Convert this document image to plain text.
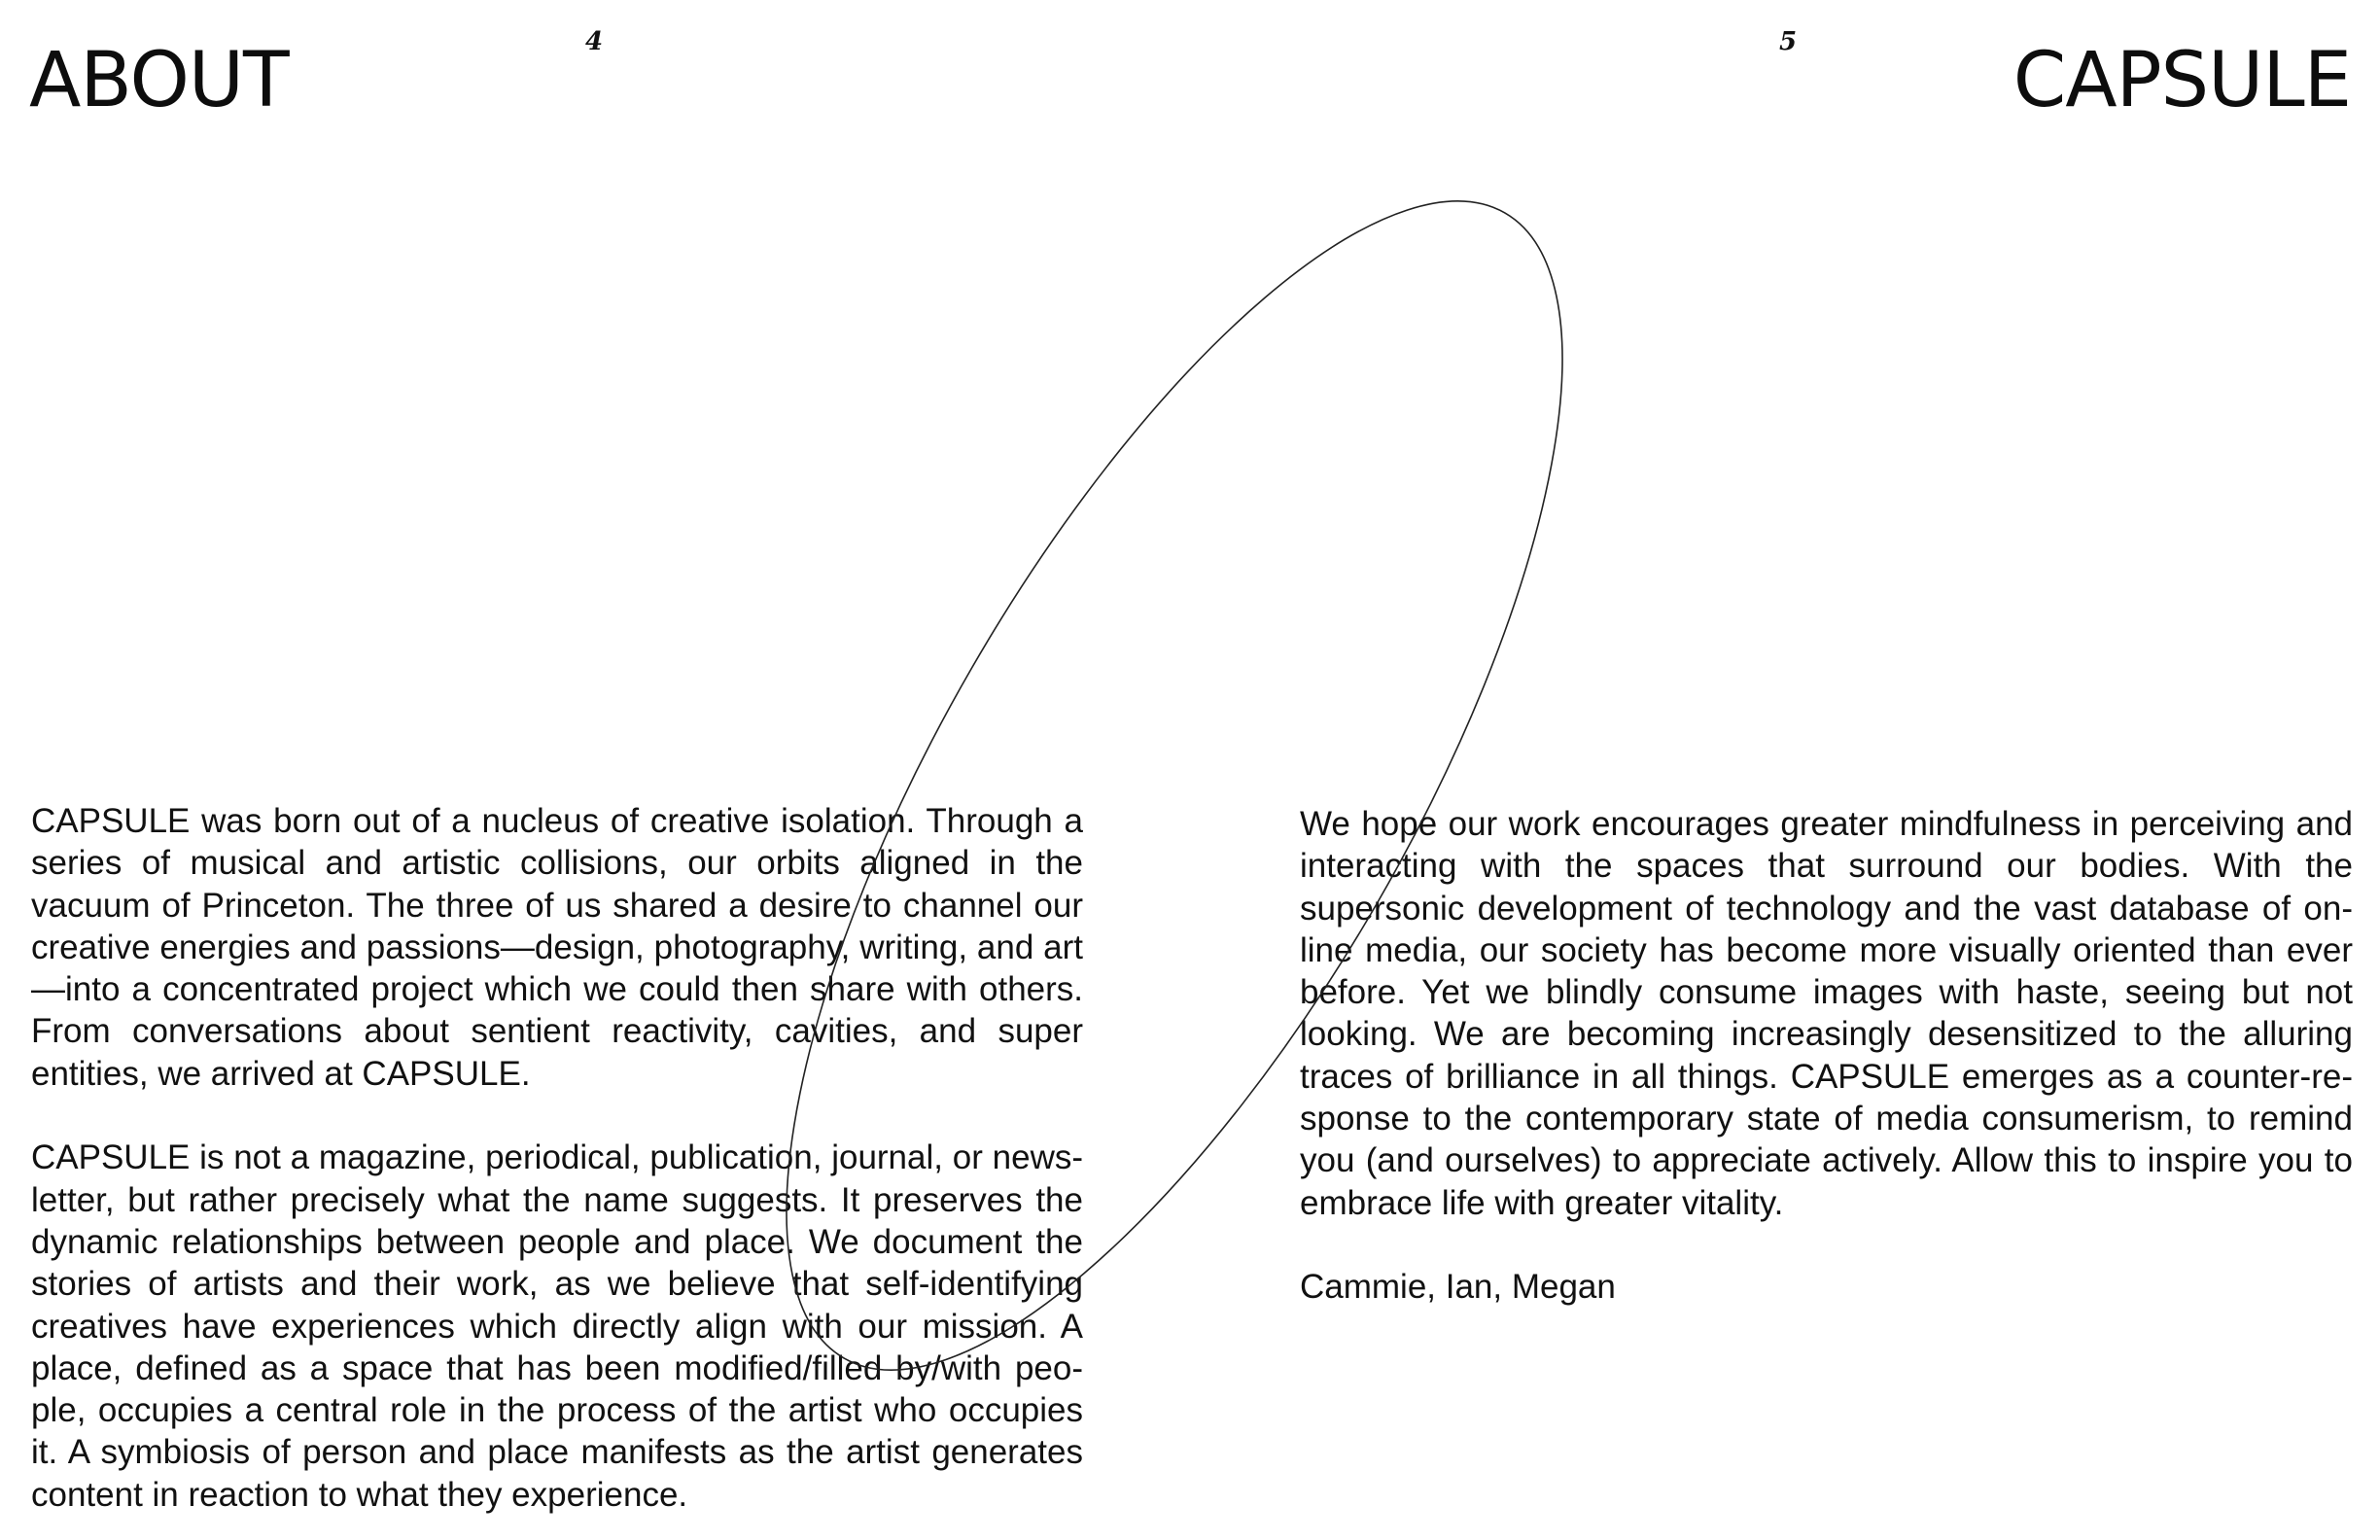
ABOUT	4	5	CAPSULE

CAPSULE was born out of a nucleus of creative isolation. Through a series of musical and artistic collisions, our orbits aligned in the vacuum of Princeton. The three of us shared a desire to channel our creative energies and passions—design, photography, writing, and art—into a concentrated project which we could then share with others. From conversations about sentient reactivity, cavities, and super entities, we arrived at CAPSULE.

CAPSULE is not a magazine, periodical, publication, journal, or newsletter, but rather precisely what the name suggests. It preserves the dynamic relationships between people and place. We document the stories of artists and their work, as we believe that self-identifying creatives have experiences which directly align with our mission. A place, defined as a space that has been modified/filled by/with people, occupies a central role in the process of the artist who occupies it. A symbiosis of person and place manifests as the artist generates content in reaction to what they experience.

We hope our work encourages greater mindfulness in perceiving and interacting with the spaces that surround our bodies. With the supersonic development of technology and the vast database of online media, our society has become more visually oriented than ever before. Yet we blindly consume images with haste, seeing but not looking. We are becoming increasingly desensitized to the alluring traces of brilliance in all things. CAPSULE emerges as a counter-response to the contemporary state of media consumerism, to remind you (and ourselves) to appreciate actively. Allow this to inspire you to embrace life with greater vitality.

Cammie, Ian, Megan
